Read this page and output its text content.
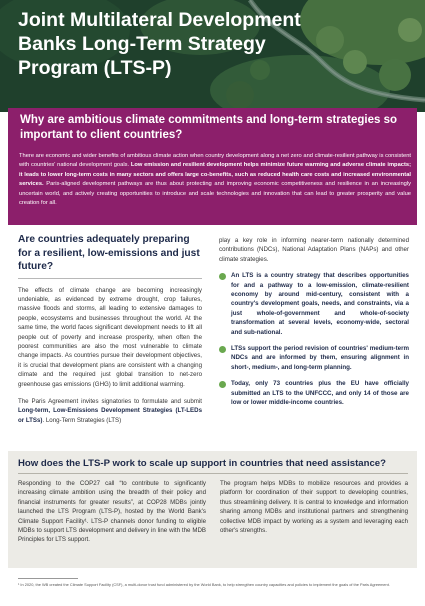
Joint Multilateral Development Banks Long-Term Strategy Program (LTS-P)
Why are ambitious climate commitments and long-term strategies so important to client countries?
There are economic and wider benefits of ambitious climate action when country development along a net zero and climate-resilient pathway is consistent with countries' national development goals. Low emission and resilient development helps minimize future warming and adverse climate impacts; it leads to lower long-term costs in many sectors and offers large co-benefits, such as reduced health care costs and increased environmental services. Paris-aligned development pathways are thus about protecting and improving economic competitiveness and resilience in an increasingly uncertain world, and actively creating opportunities to introduce and scale technologies and innovation that can lead to greater prosperity and value creation for all.
Are countries adequately preparing for a resilient, low-emissions and just future?
The effects of climate change are becoming increasingly undeniable, as evidenced by extreme drought, crop failures, massive floods and storms, all leading to extensive damages to people, ecosystems and businesses throughout the world. At the same time, the world faces significant development needs to lift all people out of poverty and increase prosperity, when often the poorest communities are also the most vulnerable to climate change impacts. As countries pursue their development objectives, it is crucial that development plans are consistent with a changing climate and the required just global transition to net-zero greenhouse gas emissions (GHG) to limit additional warming.
The Paris Agreement invites signatories to formulate and submit Long-term, Low-Emissions Development Strategies (LT-LEDs or LTSs). Long-Term Strategies (LTS)
play a key role in informing nearer-term nationally determined contributions (NDCs), National Adaptation Plans (NAPs) and other climate strategies.
An LTS is a country strategy that describes opportunities for and a pathway to a low-emission, climate-resilient economy by around mid-century, consistent with a country's development goals, needs, and constraints, via a just whole-of-government and whole-of-society transformation at several levels, economy-wide, sectoral and sub-national.
LTSs support the period revision of countries' medium-term NDCs and are informed by them, ensuring alignment in short-, medium-, and long-term planning.
Today, only 73 countries plus the EU have officially submitted an LTS to the UNFCCC, and only 14 of those are low or lower middle-income countries.
How does the LTS-P work to scale up support in countries that need assistance?
Responding to the COP27 call “to contribute to significantly increasing climate ambition using the breadth of their policy and financial instruments for greater results”, at COP28 MDBs jointly launched the LTS Program (LTS-P), hosted by the World Bank's Climate Support Facility¹. LTS-P channels donor funding to eligible MDBs to support LTS development and delivery in line with the MDB Principles for LTS support.
The program helps MDBs to mobilize resources and provides a platform for coordination of their support to developing countries, thus streamlining delivery. It is central to knowledge and information sharing among MDBs and institutional partners and strengthening collective MDB impact by working as a system and leveraging each other's strengths.
¹ In 2020, the WB created the Climate Support Facility (CSF), a multi-donor trust fund administered by the World Bank, to help strengthen country capacities and policies to implement the goals of the Paris Agreement.
